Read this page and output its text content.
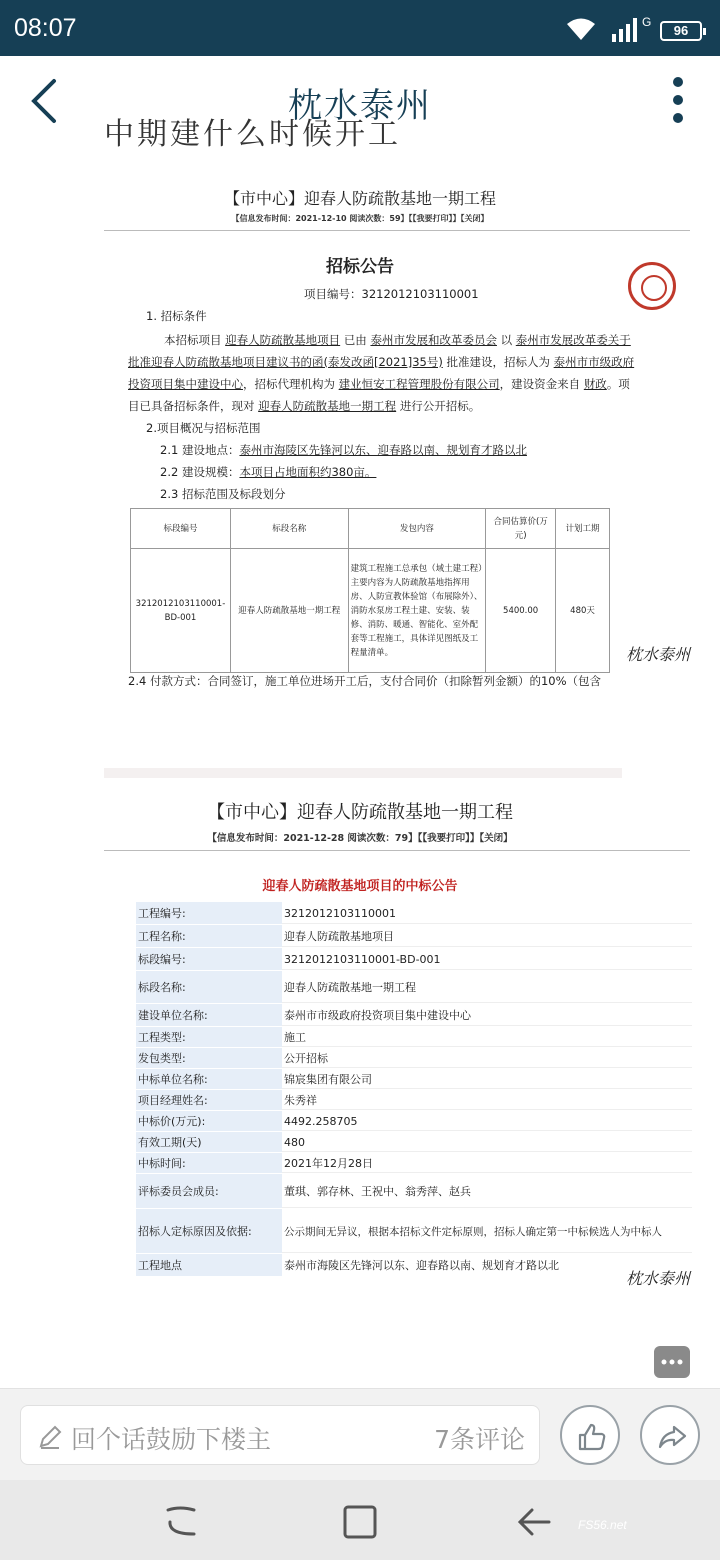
08:07	G
96
枕水泰州
中期建什么时候开工
【市中心】迎春人防疏散基地一期工程
【信息发布时间：2021-12-10 阅读次数：59】【【我要打印】】【关闭】
招标公告
项目编号：3212012103110001
1. 招标条件
本招标项目 迎春人防疏散基地项目 已由 泰州市发展和改革委员会 以 泰州市发展改革委关于
批准迎春人防疏散基地项目建议书的函(泰发改函[2021]35号) 批准建设，招标人为 泰州市市级政府
投资项目集中建设中心，招标代理机构为 建业恒安工程管理股份有限公司，建设资金来自 财政。项
目已具备招标条件，现对 迎春人防疏散基地一期工程 进行公开招标。
2.项目概况与招标范围
2.1 建设地点：泰州市海陵区先锋河以东、迎春路以南、规划育才路以北
2.2 建设规模：本项目占地面积约380亩。
2.3 招标范围及标段划分
标段编号	标段名称	发包内容	合同估算价(万元)	计划工期
3212012103110001-BD-001	迎春人防疏散基地一期工程	建筑工程施工总承包（域土建工程）主要内容为人防疏散基地指挥用房、人防宣教体验馆（布展除外）、消防水泵房工程土建、安装、装修、消防、暖通、智能化、室外配套等工程施工，具体详见图纸及工程量清单。	5400.00	480天
2.4 付款方式：合同签订，施工单位进场开工后，支付合同价（扣除暂列金额）的10%（包含
枕水泰州
【市中心】迎春人防疏散基地一期工程
【信息发布时间：2021-12-28 阅读次数：79】【【我要打印】】【关闭】
迎春人防疏散基地项目的中标公告
工程编号:	3212012103110001
工程名称:	迎春人防疏散基地项目
标段编号:	3212012103110001-BD-001
标段名称:	迎春人防疏散基地一期工程
建设单位名称:	泰州市市级政府投资项目集中建设中心
工程类型:	施工
发包类型:	公开招标
中标单位名称:	锦宸集团有限公司
项目经理姓名:	朱秀祥
中标价(万元):	4492.258705
有效工期(天)	480
中标时间:	2021年12月28日
评标委员会成员:	董琪、郭存林、王祝中、翁秀萍、赵兵
招标人定标原因及依据:	公示期间无异议，根据本招标文件定标原则，招标人确定第一中标候选人为中标人
工程地点	泰州市海陵区先锋河以东、迎春路以南、规划育才路以北
枕水泰州
回个话鼓励下楼主	7条评论
FS56.net
